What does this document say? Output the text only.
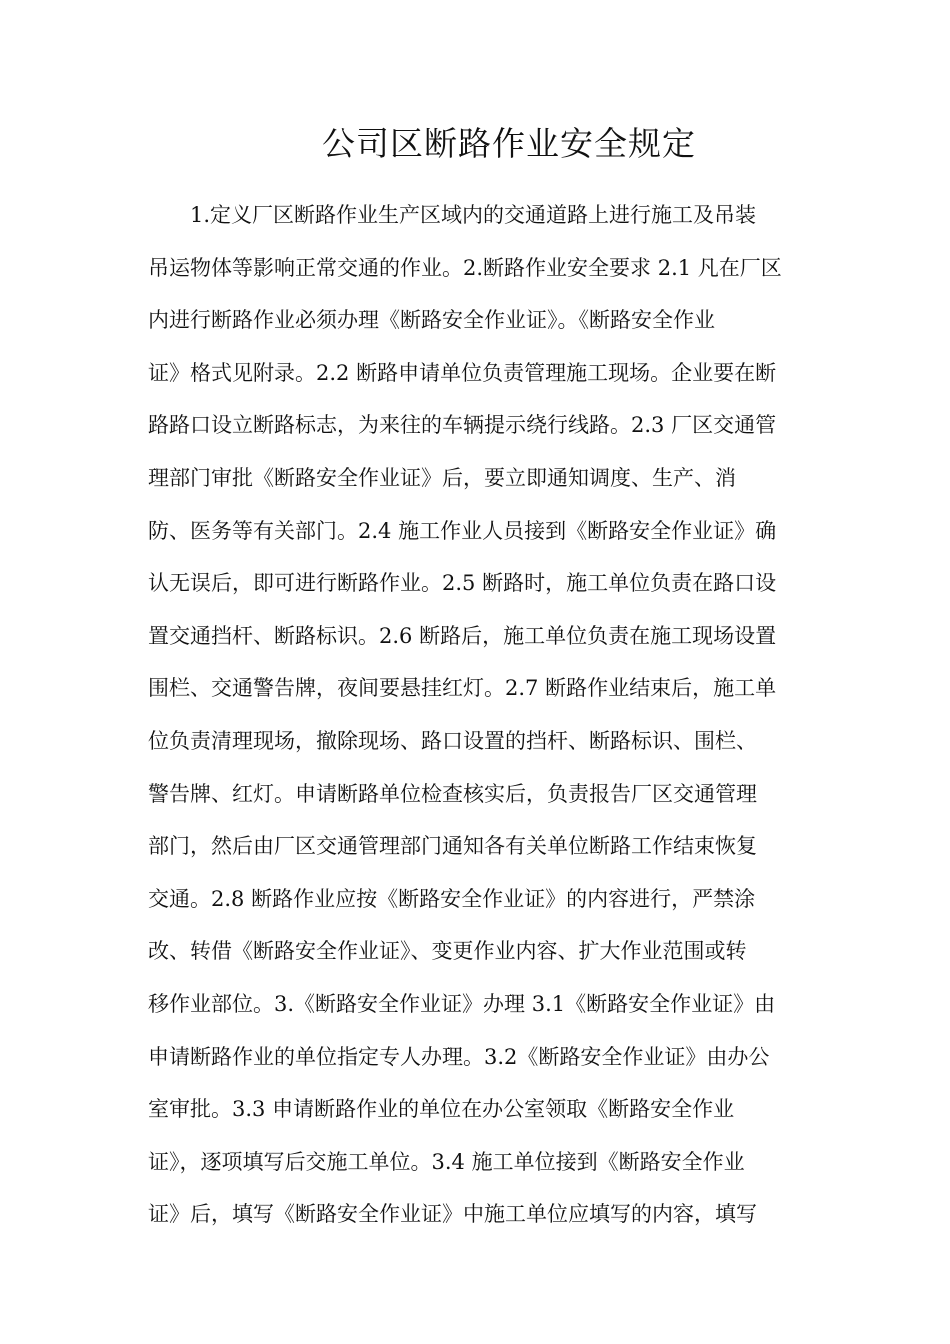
公司区断路作业安全规定
1.定义厂区断路作业生产区域内的交通道路上进行施工及吊装
吊运物体等影响正常交通的作业。2.断路作业安全要求 2.1 凡在厂区
内进行断路作业必须办理《断路安全作业证》。《断路安全作业
证》格式见附录。2.2 断路申请单位负责管理施工现场。企业要在断
路路口设立断路标志，为来往的车辆提示绕行线路。2.3 厂区交通管
理部门审批《断路安全作业证》后，要立即通知调度、生产、消
防、医务等有关部门。2.4 施工作业人员接到《断路安全作业证》确
认无误后，即可进行断路作业。2.5 断路时，施工单位负责在路口设
置交通挡杆、断路标识。2.6 断路后，施工单位负责在施工现场设置
围栏、交通警告牌，夜间要悬挂红灯。2.7 断路作业结束后，施工单
位负责清理现场，撤除现场、路口设置的挡杆、断路标识、围栏、
警告牌、红灯。申请断路单位检查核实后，负责报告厂区交通管理
部门，然后由厂区交通管理部门通知各有关单位断路工作结束恢复
交通。2.8 断路作业应按《断路安全作业证》的内容进行，严禁涂
改、转借《断路安全作业证》、变更作业内容、扩大作业范围或转
移作业部位。3.《断路安全作业证》办理 3.1《断路安全作业证》由
申请断路作业的单位指定专人办理。3.2《断路安全作业证》由办公
室审批。3.3 申请断路作业的单位在办公室领取《断路安全作业
证》，逐项填写后交施工单位。3.4 施工单位接到《断路安全作业
证》后，填写《断路安全作业证》中施工单位应填写的内容，填写
